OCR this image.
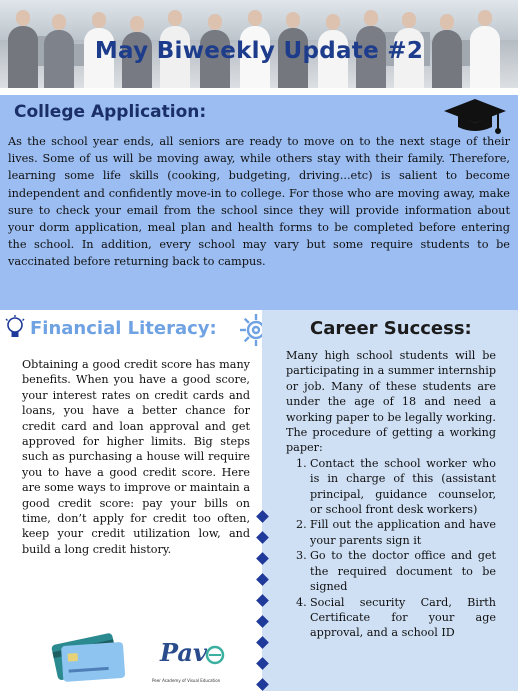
May Biweekly Update #2
College Application:
As the school year ends, all seniors are ready to move on to the next stage of their lives. Some of us will be moving away, while others stay with their family. Therefore, learning some life skills (cooking, budgeting, driving...etc) is salient to become independent and confidently move-in to college. For those who are moving away, make sure to check your email from the school since they will provide information about your dorm application, meal plan and health forms to be completed before entering the school. In addition, every school may vary but some require students to be vaccinated before returning back to campus.
Financial Literacy:
Obtaining a good credit score has many benefits. When you have a good score, your interest rates on credit cards and loans, you have a better chance for credit card and loan approval and get approved for higher limits. Big steps such as purchasing a house will require you to have a good credit score. Here are some ways to improve or maintain a good credit score: pay your bills on time, don’t apply for credit too often, keep your credit utilization low, and build a long credit history.
Career Success:
Many high school students will be participating in a summer internship or job. Many of these students are under the age of 18 and need a working paper to be legally working. The procedure of getting a working paper:
1. Contact the school worker who is in charge of this (assistant principal, guidance counselor, or school front desk workers)
2. Fill out the application and have your parents sign it
3. Go to the doctor office and get the required document to be signed
4. Social security Card, Birth Certificate for your age approval, and a school ID
Pav
Peer Academy of Visual Education
